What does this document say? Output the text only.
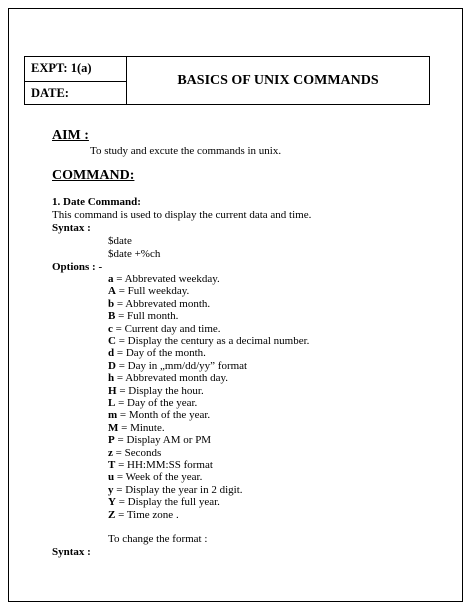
EXPT: 1(a)
DATE:
BASICS OF UNIX COMMANDS
AIM :
To study and excute the commands in unix.
COMMAND:
1. Date Command:
This command is used to display the current data and time.
Syntax :
$date
$date +%ch
Options : -
a = Abbrevated weekday.
A = Full weekday.
b = Abbrevated month.
B = Full month.
c = Current day and time.
C = Display the century as a decimal number.
d = Day of the month.
D = Day in „mm/dd/yy” format
h = Abbrevated month day.
H = Display the hour.
L = Day of the year.
m = Month of the year.
M = Minute.
P = Display AM or PM
z = Seconds
T = HH:MM:SS format
u = Week of the year.
y = Display the year in 2 digit.
Y = Display the full year.
Z = Time zone .
To change the format :
Syntax :
